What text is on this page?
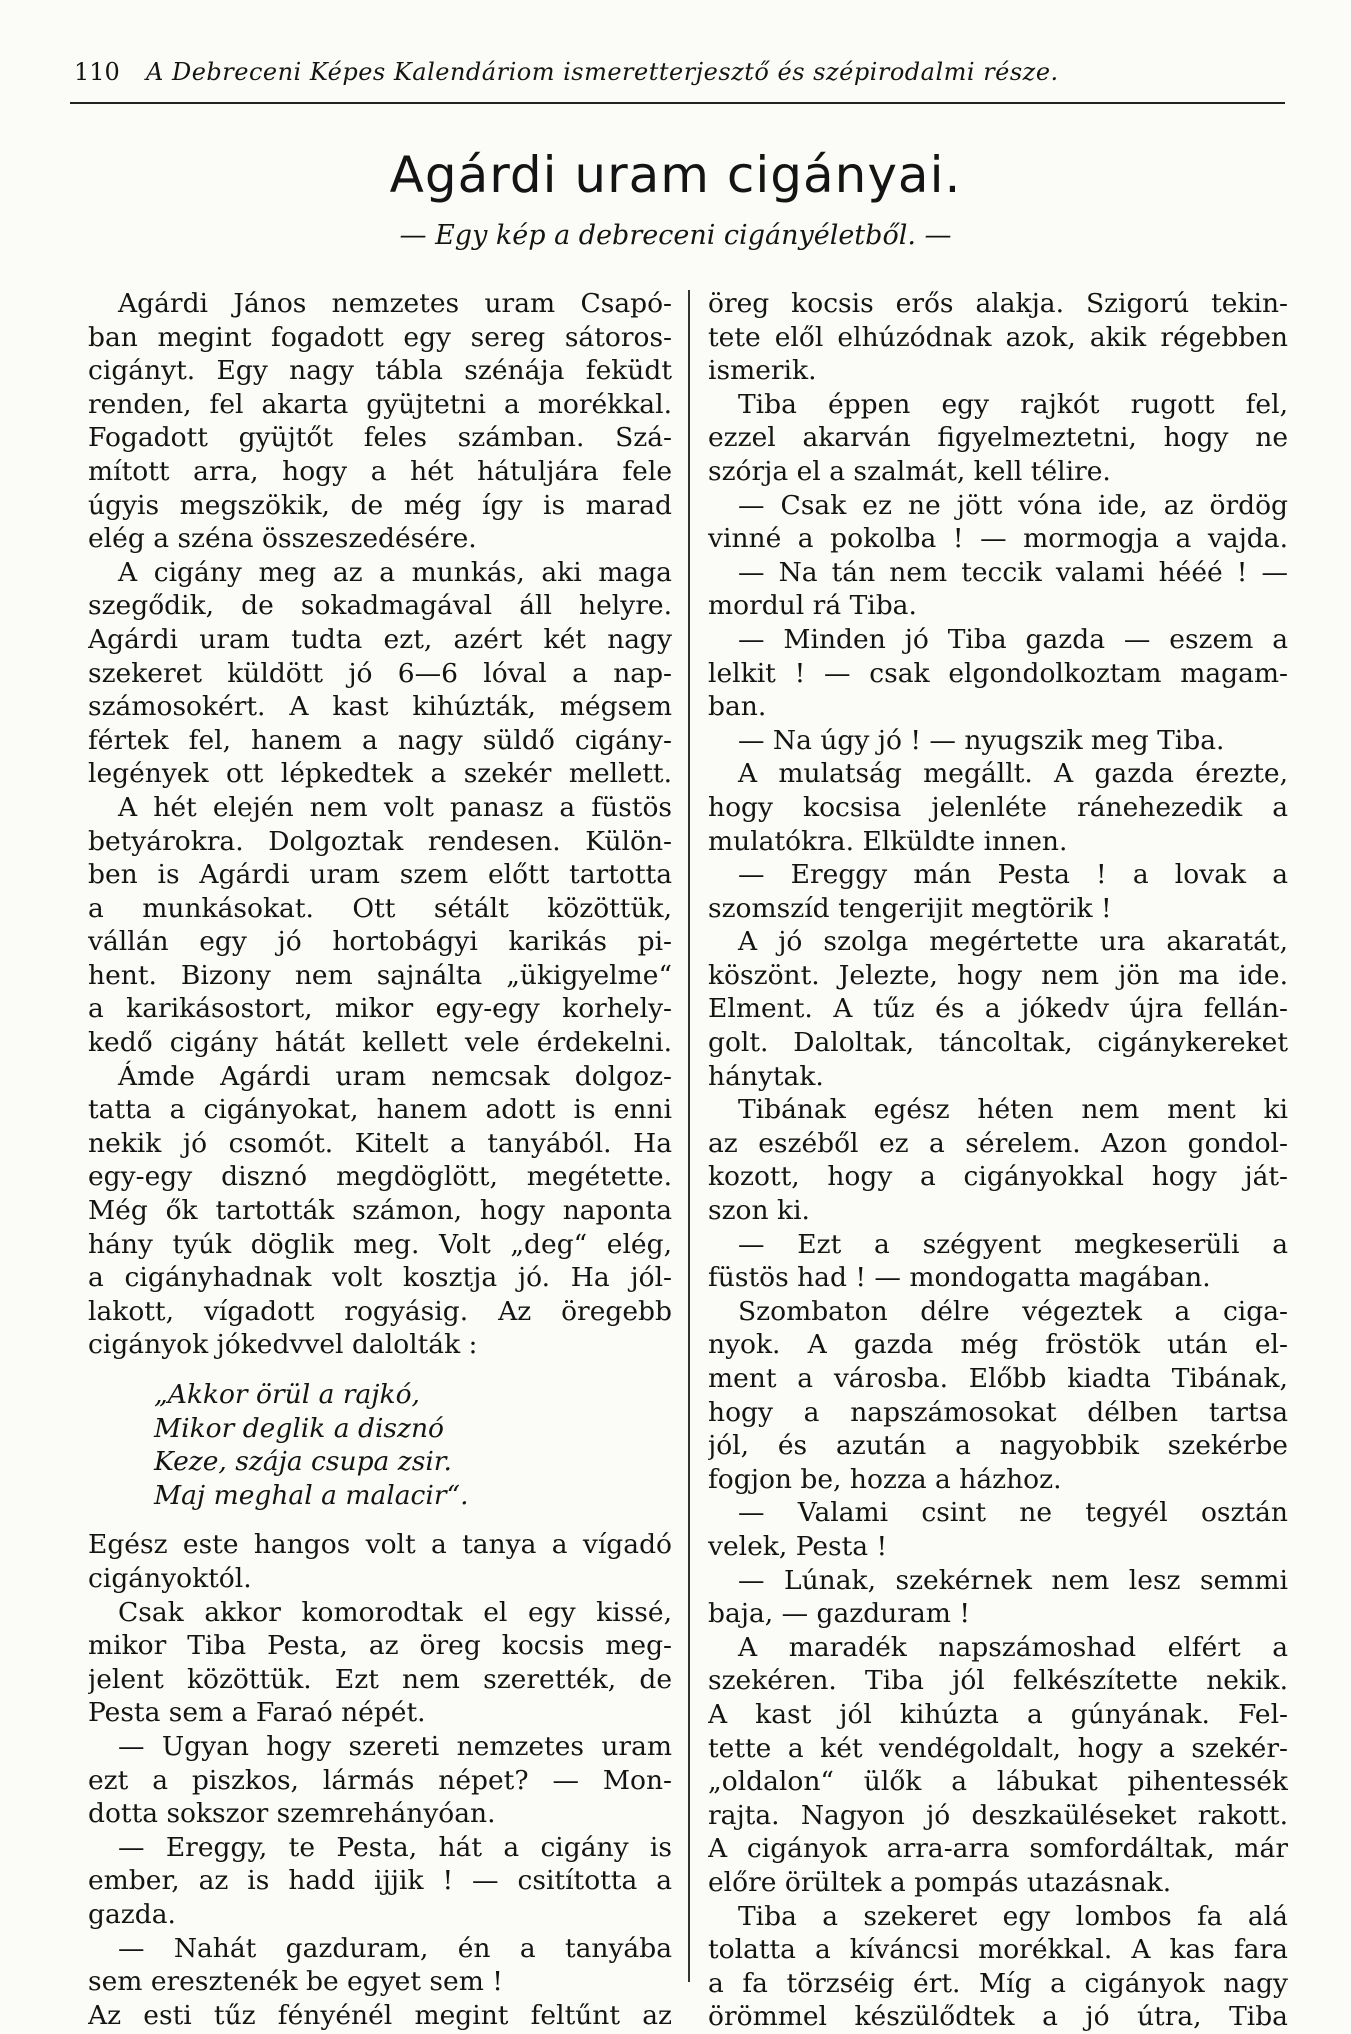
110	A Debreceni Képes Kalendáriom ismeretterjesztő és szépirodalmi része.
Agárdi uram cigányai.
— Egy kép a debreceni cigányéletből. —
Agárdi János nemzetes uram Csapó-
ban megint fogadott egy sereg sátoros-
cigányt. Egy nagy tábla szénája feküdt
renden, fel akarta gyüjtetni a morékkal.
Fogadott gyüjtőt feles számban. Szá-
mított arra, hogy a hét hátuljára fele
úgyis megszökik, de még így is marad
elég a széna összeszedésére.
A cigány meg az a munkás, aki maga
szegődik, de sokadmagával áll helyre.
Agárdi uram tudta ezt, azért két nagy
szekeret küldött jó 6—6 lóval a nap-
számosokért. A kast kihúzták, mégsem
fértek fel, hanem a nagy süldő cigány-
legények ott lépkedtek a szekér mellett.
A hét elején nem volt panasz a füstös
betyárokra. Dolgoztak rendesen. Külön-
ben is Agárdi uram szem előtt tartotta
a munkásokat. Ott sétált közöttük,
vállán egy jó hortobágyi karikás pi-
hent. Bizony nem sajnálta „ükigyelme“
a karikásostort, mikor egy-egy korhely-
kedő cigány hátát kellett vele érdekelni.
Ámde Agárdi uram nemcsak dolgoz-
tatta a cigányokat, hanem adott is enni
nekik jó csomót. Kitelt a tanyából. Ha
egy-egy disznó megdöglött, megétette.
Még ők tartották számon, hogy naponta
hány tyúk döglik meg. Volt „deg“ elég,
a cigányhadnak volt kosztja jó. Ha jól-
lakott, vígadott rogyásig. Az öregebb
cigányok jókedvvel dalolták :
„Akkor örül a rajkó,
Mikor deglik a disznó
Keze, szája csupa zsir.
Maj meghal a malacir“.
Egész este hangos volt a tanya a vígadó
cigányoktól.
Csak akkor komorodtak el egy kissé,
mikor Tiba Pesta, az öreg kocsis meg-
jelent közöttük. Ezt nem szerették, de
Pesta sem a Faraó népét.
— Ugyan hogy szereti nemzetes uram
ezt a piszkos, lármás népet? — Mon-
dotta sokszor szemrehányóan.
— Ereggy, te Pesta, hát a cigány is
ember, az is hadd ijjik ! — csitította a
gazda.
— Nahát gazduram, én a tanyába
sem eresztenék be egyet sem !
Az esti tűz fényénél megint feltűnt az
öreg kocsis erős alakja. Szigorú tekin-
tete elől elhúzódnak azok, akik régebben
ismerik.
Tiba éppen egy rajkót rugott fel,
ezzel akarván figyelmeztetni, hogy ne
szórja el a szalmát, kell télire.
— Csak ez ne jött vóna ide, az ördög
vinné a pokolba ! — mormogja a vajda.
— Na tán nem teccik valami hééé ! —
mordul rá Tiba.
— Minden jó Tiba gazda — eszem a
lelkit ! — csak elgondolkoztam magam-
ban.
— Na úgy jó ! — nyugszik meg Tiba.
A mulatság megállt. A gazda érezte,
hogy kocsisa jelenléte ránehezedik a
mulatókra. Elküldte innen.
— Ereggy mán Pesta ! a lovak a
szomszíd tengerijit megtörik !
A jó szolga megértette ura akaratát,
köszönt. Jelezte, hogy nem jön ma ide.
Elment. A tűz és a jókedv újra fellán-
golt. Daloltak, táncoltak, cigánykereket
hánytak.
Tibának egész héten nem ment ki
az eszéből ez a sérelem. Azon gondol-
kozott, hogy a cigányokkal hogy ját-
szon ki.
— Ezt a szégyent megkeserüli a
füstös had ! — mondogatta magában.
Szombaton délre végeztek a ciga-
nyok. A gazda még fröstök után el-
ment a városba. Előbb kiadta Tibának,
hogy a napszámosokat délben tartsa
jól, és azután a nagyobbik szekérbe
fogjon be, hozza a házhoz.
— Valami csint ne tegyél osztán
velek, Pesta !
— Lúnak, szekérnek nem lesz semmi
baja, — gazduram !
A maradék napszámoshad elfért a
szekéren. Tiba jól felkészítette nekik.
A kast jól kihúzta a gúnyának. Fel-
tette a két vendégoldalt, hogy a szekér-
„oldalon“ ülők a lábukat pihentessék
rajta. Nagyon jó deszkaüléseket rakott.
A cigányok arra-arra somfordáltak, már
előre örültek a pompás utazásnak.
Tiba a szekeret egy lombos fa alá
tolatta a kíváncsi morékkal. A kas fara
a fa törzséig ért. Míg a cigányok nagy
örömmel készülődtek a jó útra, Tiba
